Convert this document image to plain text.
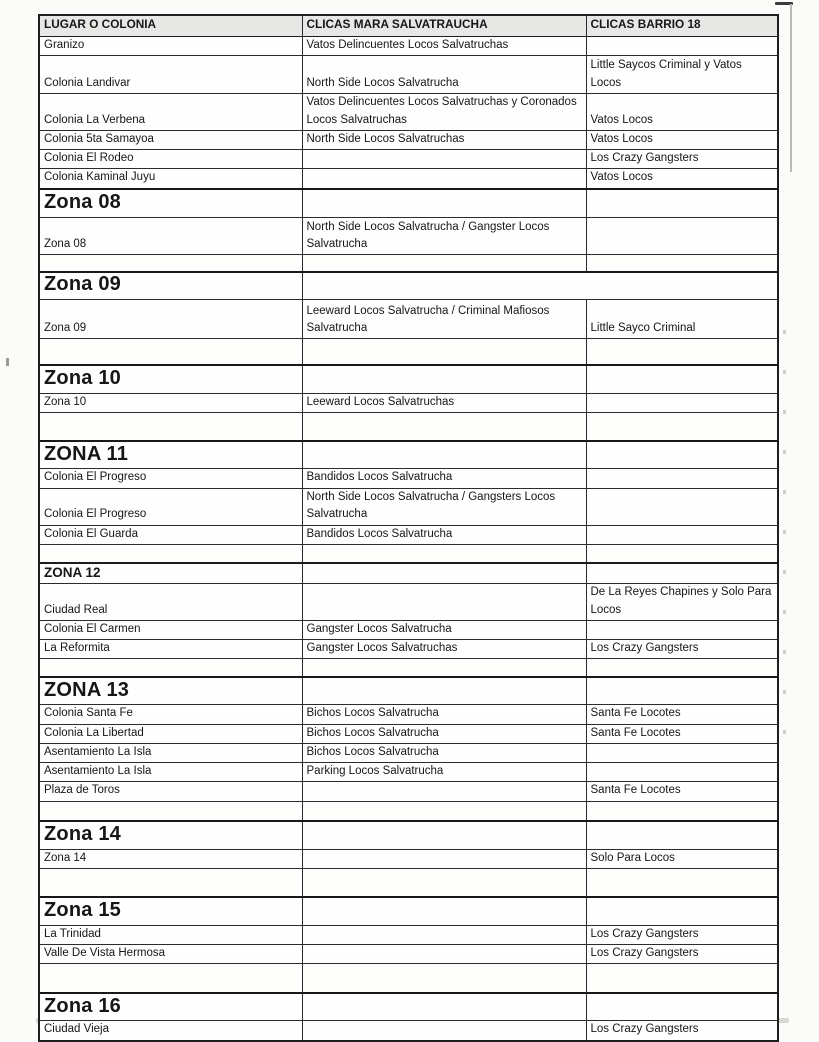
LUGAR O COLONIA	CLICAS MARA SALVATRAUCHA	CLICAS BARRIO 18
Granizo	Vatos Delincuentes Locos Salvatruchas	
Colonia Landivar	North Side Locos Salvatrucha	Little Saycos Criminal y Vatos Locos
Colonia La Verbena	Vatos Delincuentes Locos Salvatruchas y Coronados Locos Salvatruchas	Vatos Locos
Colonia 5ta Samayoa	North Side Locos Salvatruchas	Vatos Locos
Colonia El Rodeo		Los Crazy Gangsters
Colonia Kaminal Juyu		Vatos Locos
Zona 08		
Zona 08	North Side Locos Salvatrucha / Gangster Locos Salvatrucha	

Zona 09		
Zona 09	Leeward Locos Salvatrucha / Criminal Mafiosos Salvatrucha	Little Sayco Criminal

Zona 10		
Zona 10	Leeward Locos Salvatruchas	

ZONA 11		
Colonia El Progreso	Bandidos Locos Salvatrucha	
Colonia El Progreso	North Side Locos Salvatrucha / Gangsters Locos Salvatrucha	
Colonia El Guarda	Bandidos Locos Salvatrucha	

ZONA 12		
Ciudad Real		De La Reyes Chapines y Solo Para Locos
Colonia El Carmen	Gangster Locos Salvatrucha	
La Reformita	Gangster Locos Salvatruchas	Los Crazy Gangsters

ZONA 13		
Colonia Santa Fe	Bichos Locos Salvatrucha	Santa Fe Locotes
Colonia La Libertad	Bichos Locos Salvatrucha	Santa Fe Locotes
Asentamiento La Isla	Bichos Locos Salvatrucha	
Asentamiento La Isla	Parking Locos Salvatrucha	
Plaza de Toros		Santa Fe Locotes

Zona 14		
Zona 14		Solo Para Locos

Zona 15		
La Trinidad		Los Crazy Gangsters
Valle De Vista Hermosa		Los Crazy Gangsters

Zona 16		
Ciudad Vieja		Los Crazy Gangsters
